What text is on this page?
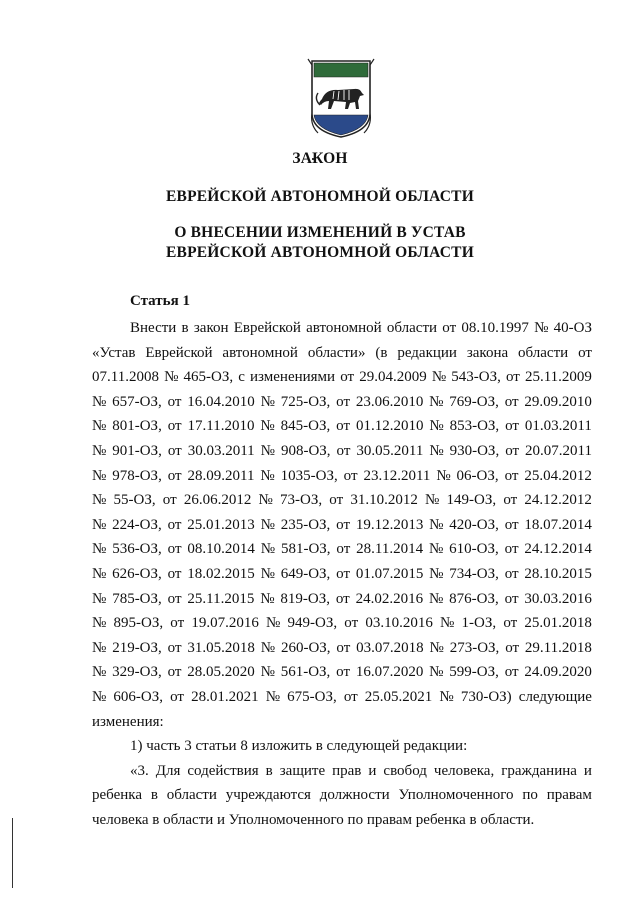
ЗАКОН
ЕВРЕЙСКОЙ АВТОНОМНОЙ ОБЛАСТИ
О ВНЕСЕНИИ ИЗМЕНЕНИЙ В УСТАВ
ЕВРЕЙСКОЙ АВТОНОМНОЙ ОБЛАСТИ
Статья 1
Внести в закон Еврейской автономной области от 08.10.1997 № 40-ОЗ
«Устав Еврейской автономной области» (в редакции закона области от
07.11.2008 № 465-ОЗ, с изменениями от 29.04.2009 № 543-ОЗ, от 25.11.2009
№ 657-ОЗ, от 16.04.2010 № 725-ОЗ, от 23.06.2010 № 769-ОЗ, от 29.09.2010
№ 801-ОЗ, от 17.11.2010 № 845-ОЗ, от 01.12.2010 № 853-ОЗ, от 01.03.2011
№ 901-ОЗ, от 30.03.2011 № 908-ОЗ, от 30.05.2011 № 930-ОЗ, от 20.07.2011
№ 978-ОЗ, от 28.09.2011 № 1035-ОЗ, от 23.12.2011 № 06-ОЗ, от 25.04.2012
№ 55-ОЗ, от 26.06.2012 № 73-ОЗ, от 31.10.2012 № 149-ОЗ, от 24.12.2012
№ 224-ОЗ, от 25.01.2013 № 235-ОЗ, от 19.12.2013 № 420-ОЗ, от 18.07.2014
№ 536-ОЗ, от 08.10.2014 № 581-ОЗ, от 28.11.2014 № 610-ОЗ, от 24.12.2014
№ 626-ОЗ, от 18.02.2015 № 649-ОЗ, от 01.07.2015 № 734-ОЗ, от 28.10.2015
№ 785-ОЗ, от 25.11.2015 № 819-ОЗ, от 24.02.2016 № 876-ОЗ, от 30.03.2016
№ 895-ОЗ, от 19.07.2016 № 949-ОЗ, от 03.10.2016 № 1-ОЗ, от 25.01.2018
№ 219-ОЗ, от 31.05.2018 № 260-ОЗ, от 03.07.2018 № 273-ОЗ, от 29.11.2018
№ 329-ОЗ, от 28.05.2020 № 561-ОЗ, от 16.07.2020 № 599-ОЗ, от 24.09.2020
№ 606-ОЗ, от 28.01.2021 № 675-ОЗ, от 25.05.2021 № 730-ОЗ) следующие
изменения:
1) часть 3 статьи 8 изложить в следующей редакции:
«3. Для содействия в защите прав и свобод человека, гражданина и
ребенка в области учреждаются должности Уполномоченного по правам
человека в области и Уполномоченного по правам ребенка в области.
